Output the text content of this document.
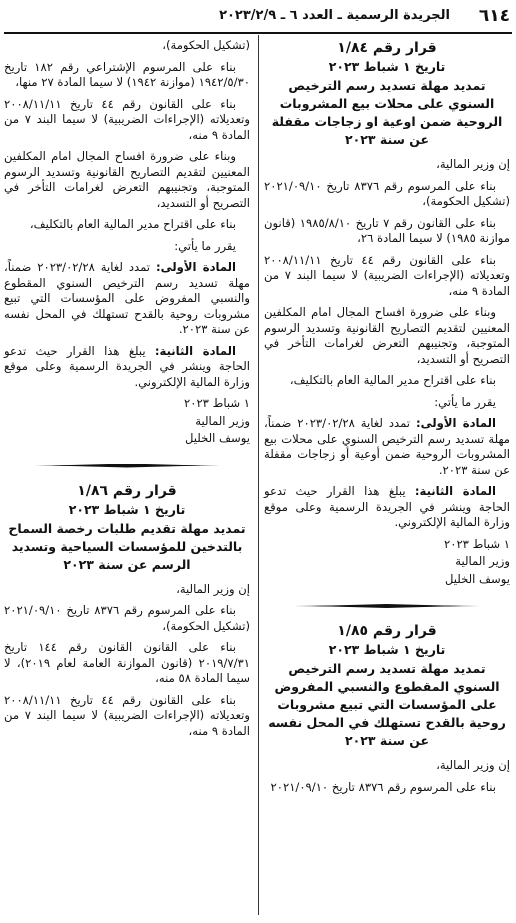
٦١٤
الجريدة الرسمية ـ العدد ٦ ـ ٢٠٢٣/٢/٩
قرار رقم ١/٨٤
تاريخ ١ شباط ٢٠٢٣
تمديد مهلة تسديد رسم الترخيص السنوي على محلات بيع المشروبات الروحية ضمن اوعية او زجاجات مقفلة عن سنة ٢٠٢٣

إن وزير المالية،

بناء على المرسوم رقم ٨٣٧٦ تاريخ ٢٠٢١/٠٩/١٠ (تشكيل الحكومة)،

بناء على القانون رقم ٧ تاريخ ١٩٨٥/٨/١٠ (قانون موازنة ١٩٨٥) لا سيما المادة ٢٦،

بناء على القانون رقم ٤٤ تاريخ ٢٠٠٨/١١/١١ وتعديلاته (الإجراءات الضريبية) لا سيما البند ٧ من المادة ٩ منه،

وبناء على ضرورة افساح المجال امام المكلفين المعنيين لتقديم التصاريح القانونية وتسديد الرسوم المتوجبة، وتجنيبهم التعرض لغرامات التأخر في التصريح أو التسديد،

بناء على اقتراح مدير المالية العام بالتكليف،

يقرر ما يأتي:

المادة الأولى: تمدد لغاية ٢٠٢٣/٠٢/٢٨ ضمناً، مهلة تسديد رسم الترخيص السنوي على محلات بيع المشروبات الروحية ضمن أوعية أو زجاجات مقفلة عن سنة ٢٠٢٣.

المادة الثانية: يبلغ هذا القرار حيث تدعو الحاجة وينشر في الجريدة الرسمية وعلى موقع وزارة المالية الإلكتروني.

١ شباط ٢٠٢٣

وزير المالية

يوسف الخليل

قرار رقم ١/٨٥
تاريخ ١ شباط ٢٠٢٣
تمديد مهلة تسديد رسم الترخيص السنوي المقطوع والنسبي المفروض على المؤسسات التي تبيع مشروبات روحية بالقدح تستهلك في المحل نفسه عن سنة ٢٠٢٣

إن وزير المالية،

بناء على المرسوم رقم ٨٣٧٦ تاريخ ٢٠٢١/٠٩/١٠

(تشكيل الحكومة)،

بناء على المرسوم الإشتراعي رقم ١٨٢ تاريخ ١٩٤٢/٥/٣٠ (موازنة ١٩٤٢) لا سيما المادة ٢٧ منها،

بناء على القانون رقم ٤٤ تاريخ ٢٠٠٨/١١/١١ وتعديلاته (الإجراءات الضريبية) لا سيما البند ٧ من المادة ٩ منه،

وبناء على ضرورة افساح المجال امام المكلفين المعنيين لتقديم التصاريح القانونية وتسديد الرسوم المتوجبة، وتجنيبهم التعرض لغرامات التأخر في التصريح أو التسديد،

بناء على اقتراح مدير المالية العام بالتكليف،

يقرر ما يأتي:

المادة الأولى: تمدد لغاية ٢٠٢٣/٠٢/٢٨ ضمناً، مهلة تسديد رسم الترخيص السنوي المقطوع والنسبي المفروض على المؤسسات التي تبيع مشروبات روحية بالقدح تستهلك في المحل نفسه عن سنة ٢٠٢٣.

المادة الثانية: يبلغ هذا القرار حيث تدعو الحاجة وينشر في الجريدة الرسمية وعلى موقع وزارة المالية الإلكتروني.

١ شباط ٢٠٢٣

وزير المالية

يوسف الخليل

قرار رقم ١/٨٦
تاريخ ١ شباط ٢٠٢٣
تمديد مهلة تقديم طلبات رخصة السماح بالتدخين للمؤسسات السياحية وتسديد الرسم عن سنة ٢٠٢٣

إن وزير المالية،

بناء على المرسوم رقم ٨٣٧٦ تاريخ ٢٠٢١/٠٩/١٠ (تشكيل الحكومة)،

بناء على القانون القانون رقم ١٤٤ تاريخ ٢٠١٩/٧/٣١ (قانون الموازنة العامة لعام ٢٠١٩)، لا سيما المادة ٥٨ منه،

بناء على القانون رقم ٤٤ تاريخ ٢٠٠٨/١١/١١ وتعديلاته (الإجراءات الضريبية) لا سيما البند ٧ من المادة ٩ منه،
